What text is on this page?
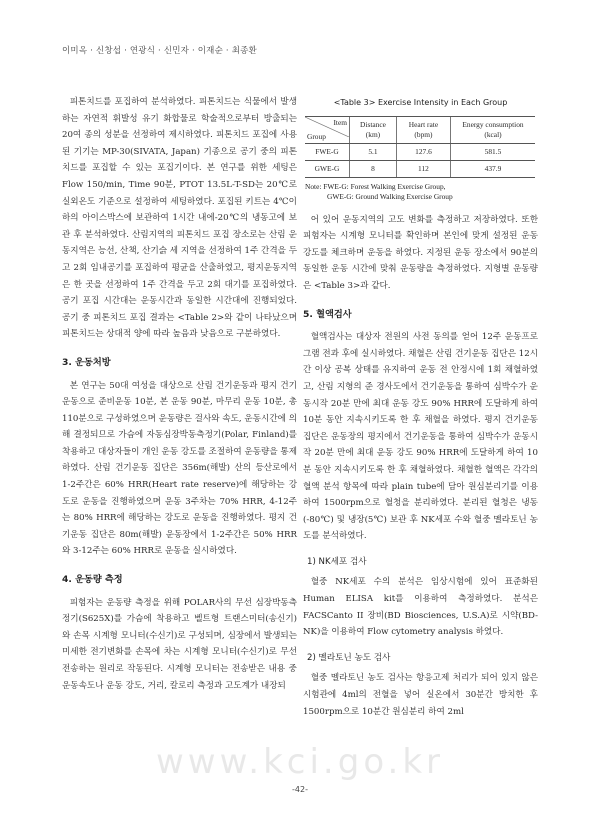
이미옥 · 신창섭 · 연광식 · 신민자 · 이재순 · 최종환

피톤치드를 포집하여 분석하였다. 피톤치드는 식물에서 발생하는 자연적 휘발성 유기 화합물로 학술적으로부터 방출되는 20여 종의 성분을 선정하여 제시하였다. 피톤치드 포집에 사용된 기기는 MP-30(SIVATA, Japan) 기종으로 공기 중의 피톤치드를 포집할 수 있는 포집기이다. 본 연구를 위한 세팅은 Flow 150/min, Time 90분, PTOT 13.5L-T-SD는 20℃로 실외온도 기준으로 설정하여 세팅하였다. 포집된 키트는 4℃이하의 아이스박스에 보관하여 1시간 내에-20℃의 냉동고에 보관 후 분석하였다. 산림지역의 피톤치드 포집 장소로는 산림 운동지역은 능선, 산책, 산기슭 세 지역을 선정하여 1주 간격을 두고 2회 임내공기를 포집하여 평균을 산출하였고, 평지운동지역은 한 곳을 선정하여 1주 간격을 두고 2회 대기를 포집하였다. 공기 포집 시간대는 운동시간과 동일한 시간대에 진행되었다. 공기 중 피톤치드 포집 결과는 <Table 2>와 같이 나타났으며 피톤치드는 상대적 양에 따라 높음과 낮음으로 구분하였다.

3. 운동처방

본 연구는 50대 여성을 대상으로 산림 건기운동과 평지 건기운동으로 준비운동 10분, 본 운동 90분, 마무리 운동 10분, 총 110분으로 구성하였으며 운동량은 걸사와 속도, 운동시간에 의해 결정되므로 가슴에 자동심장박동측정기(Polar, Finland)를 착용하고 대상자들이 개인 운동 강도를 조절하여 운동량을 통제하였다. 산림 건기운동 집단은 356m(해발) 산의 등산로에서 1-2주간은 60% HRR(Heart rate reserve)에 해당하는 강도로 운동을 진행하였으며 운동 3주차는 70% HRR, 4-12주는 80% HRR에 해당하는 강도로 운동을 진행하였다. 평지 건기운동 집단은 80m(해발) 운동장에서 1-2주간은 50% HRR와 3-12주는 60% HRR로 운동을 실시하였다.

4. 운동량 측정

피험자는 운동량 측정을 위해 POLAR사의 무선 심장박동측정기(S625X)를 가슴에 착용하고 벨트형 트랜스미터(송신기)와 손목 시계형 모니터(수신기)로 구성되며, 심장에서 발생되는 미세한 전기변화를 손목에 차는 시계형 모니터(수신기)로 무선 전송하는 원리로 작동된다. 시계형 모니터는 전송받은 내용 중 운동속도나 운동 강도, 거리, 칼로리 측정과 고도계가 내장되

<Table 3> Exercise Intensity in Each Group
Item
Group	Distance (km)	Heart rate (bpm)	Energy consumption (kcal)
FWE-G	5.1	127.6	581.5
GWE-G	8	112	437.9
Note: FWE-G: Forest Walking Exercise Group,
GWE-G: Ground Walking Exercise Group

어 있어 운동지역의 고도 변화를 측정하고 저장하였다. 또한 피험자는 시계형 모니터를 확인하며 본인에 맞게 설정된 운동 강도를 체크하며 운동을 하였다. 지정된 운동 장소에서 90분의 동일한 운동 시간에 맞춰 운동량을 측정하였다. 지형별 운동량은 <Table 3>과 같다.

5. 혈액검사

혈액검사는 대상자 전원의 사전 동의를 얻어 12주 운동프로그램 전과 후에 실시하였다. 채혈은 산림 건기운동 집단은 12시간 이상 공복 상태를 유지하여 운동 전 안정시에 1회 채혈하였고, 산림 지형의 준 경사도에서 건기운동을 통하여 심박수가 운동시작 20분 만에 최대 운동 강도 90% HRR에 도달하게 하여 10분 동안 지속시키도록 한 후 채혈을 하였다. 평지 건기운동 집단은 운동장의 평지에서 건기운동을 통하여 심박수가 운동시작 20분 만에 최대 운동 강도 90% HRR에 도달하게 하여 10분 동안 지속시키도록 한 후 채혈하였다. 채혈한 혈액은 각각의 혈액 분석 항목에 따라 plain tube에 담아 원심분리기를 이용하여 1500rpm으로 혈청을 분리하였다. 분리된 혈청은 냉동(-80℃) 및 냉장(5℃) 보관 후 NK세포 수와 혈중 멜라토닌 농도를 분석하였다.

1) NK세포 검사

혈중 NK세포 수의 분석은 임상시험에 있어 표준화된 Human ELISA kit를 이용하여 측정하였다. 분석은 FACSCanto II 장비(BD Biosciences, U.S.A)로 시약(BD-NK)을 이용하여 Flow cytometry analysis 하였다.

2) 멜라토닌 농도 검사

혈중 멜라토닌 농도 검사는 항응고제 처리가 되어 있지 않은 시험관에 4ml의 전혈을 넣어 실온에서 30분간 방치한 후 1500rpm으로 10분간 원심분리 하여 2ml

www.kci.go.kr
-42-
